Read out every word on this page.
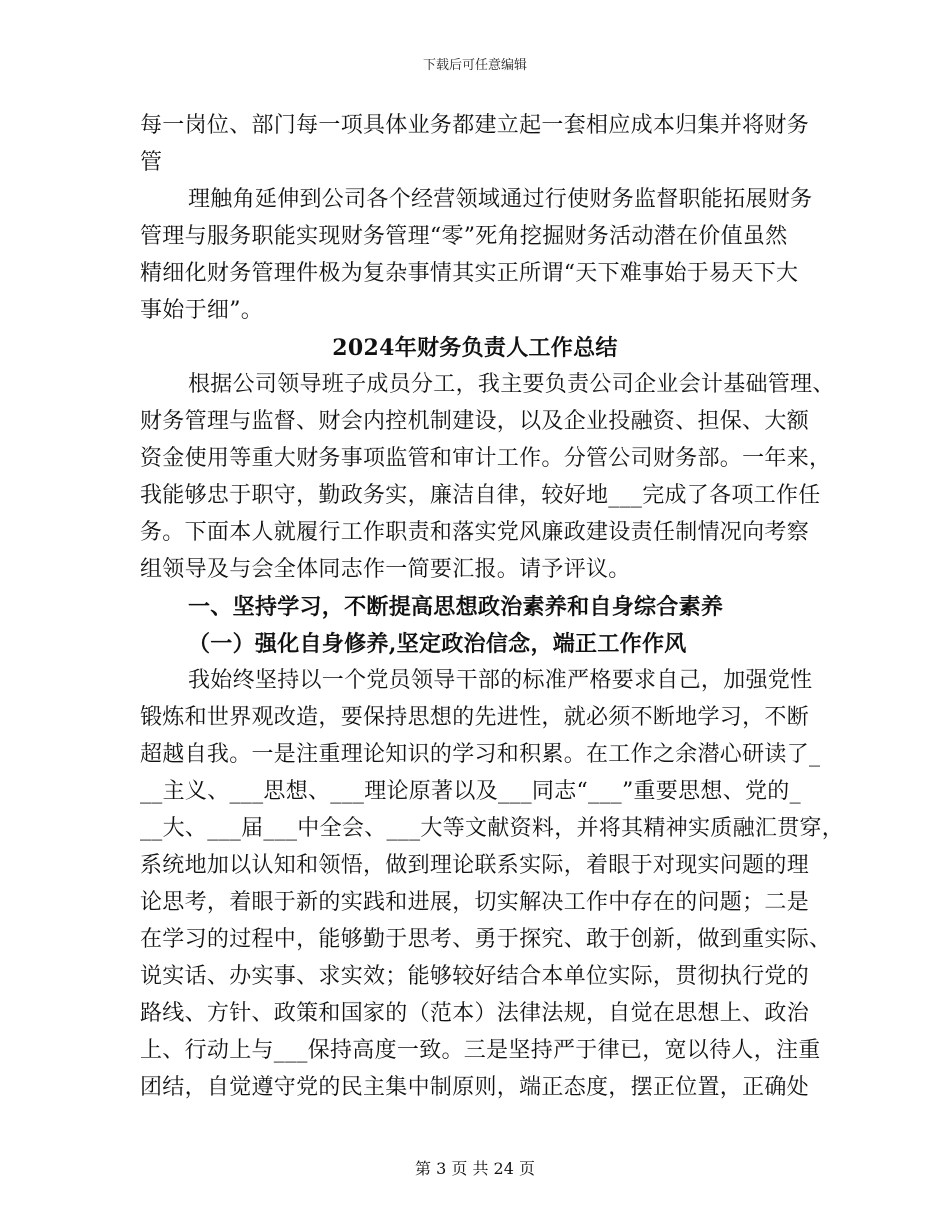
下载后可任意编辑
每一岗位、部门每一项具体业务都建立起一套相应成本归集并将财务
管
理触角延伸到公司各个经营领域通过行使财务监督职能拓展财务
管理与服务职能实现财务管理“零”死角挖掘财务活动潜在价值虽然
精细化财务管理件极为复杂事情其实正所谓“天下难事始于易天下大
事始于细”。
2024年财务负责人工作总结
根据公司领导班子成员分工，我主要负责公司企业会计基础管理、
财务管理与监督、财会内控机制建设，以及企业投融资、担保、大额
资金使用等重大财务事项监管和审计工作。分管公司财务部。一年来，
我能够忠于职守，勤政务实，廉洁自律，较好地___完成了各项工作任
务。下面本人就履行工作职责和落实党风廉政建设责任制情况向考察
组领导及与会全体同志作一简要汇报。请予评议。
一、坚持学习，不断提高思想政治素养和自身综合素养
（一）强化自身修养,坚定政治信念，端正工作作风
我始终坚持以一个党员领导干部的标准严格要求自己，加强党性
锻炼和世界观改造，要保持思想的先进性，就必须不断地学习，不断
超越自我。一是注重理论知识的学习和积累。在工作之余潜心研读了_
__主义、___思想、___理论原著以及___同志“___”重要思想、党的_
__大、___届___中全会、___大等文献资料，并将其精神实质融汇贯穿，
系统地加以认知和领悟，做到理论联系实际，着眼于对现实问题的理
论思考，着眼于新的实践和进展，切实解决工作中存在的问题；二是
在学习的过程中，能够勤于思考、勇于探究、敢于创新，做到重实际、
说实话、办实事、求实效；能够较好结合本单位实际，贯彻执行党的
路线、方针、政策和国家的（范本）法律法规，自觉在思想上、政治
上、行动上与___保持高度一致。三是坚持严于律已，宽以待人，注重
团结，自觉遵守党的民主集中制原则，端正态度，摆正位置，正确处
第 3 页 共 24 页
